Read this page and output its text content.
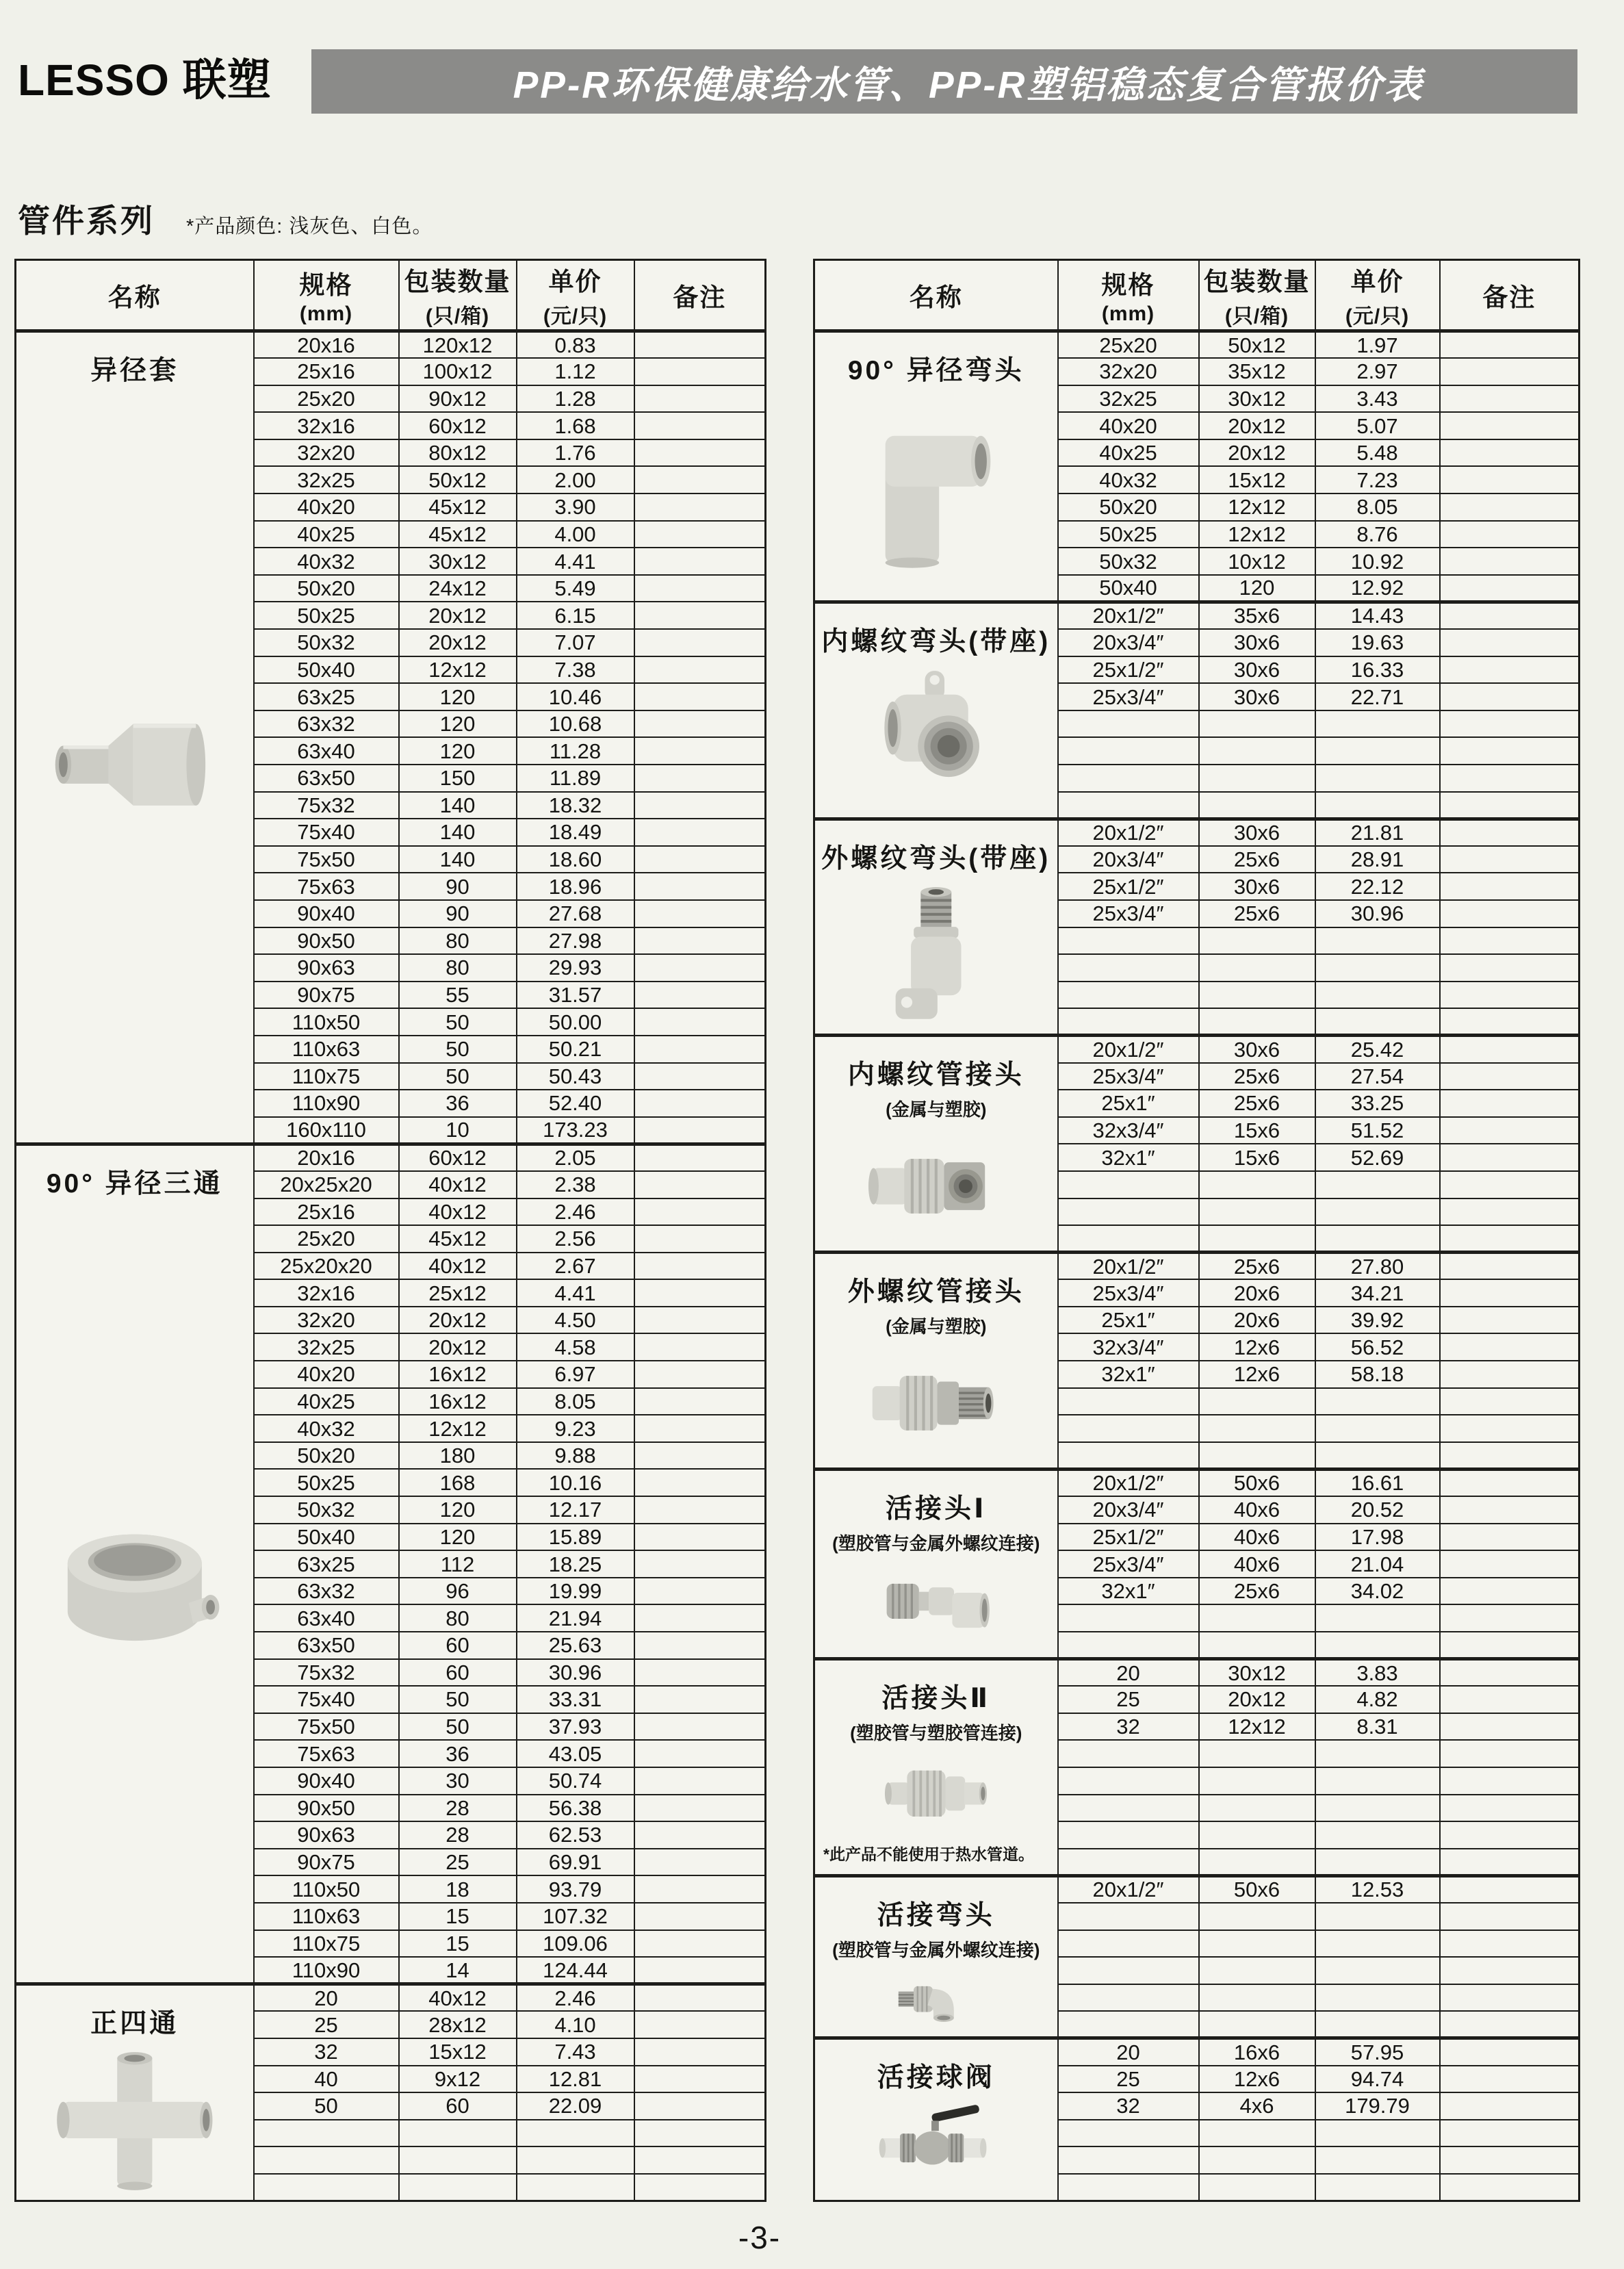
LESSO 联塑	PP-R环保健康给水管、PP-R塑铝稳态复合管报价表
管件系列 *产品颜色: 浅灰色、白色。
名称	规格
(mm)

包装数量
(只/箱)

单价
(元/只)

备注

异径套	20x16	120x12	0.83	
	25x16	100x12	1.12	
	25x20	90x12	1.28	
	32x16	60x12	1.68	
	32x20	80x12	1.76	
	32x25	50x12	2.00	
	40x20	45x12	3.90	
	40x25	45x12	4.00	
	40x32	30x12	4.41	
	50x20	24x12	5.49	
	50x25	20x12	6.15	
	50x32	20x12	7.07	
	50x40	12x12	7.38	
	63x25	120	10.46	
	63x32	120	10.68	
	63x40	120	11.28	
	63x50	150	11.89	
	75x32	140	18.32	
	75x40	140	18.49	
	75x50	140	18.60	
	75x63	90	18.96	
	90x40	90	27.68	
	90x50	80	27.98	
	90x63	80	29.93	
	90x75	55	31.57	
	110x50	50	50.00	
	110x63	50	50.21	
	110x75	50	50.43	
	110x90	36	52.40	
	160x110	10	173.23	

90° 异径三通	20x16	60x12	2.05	
	20x25x20	40x12	2.38	
	25x16	40x12	2.46	
	25x20	45x12	2.56	
	25x20x20	40x12	2.67	
	32x16	25x12	4.41	
	32x20	20x12	4.50	
	32x25	20x12	4.58	
	40x20	16x12	6.97	
	40x25	16x12	8.05	
	40x32	12x12	9.23	
	50x20	180	9.88	
	50x25	168	10.16	
	50x32	120	12.17	
	50x40	120	15.89	
	63x25	112	18.25	
	63x32	96	19.99	
	63x40	80	21.94	
	63x50	60	25.63	
	75x32	60	30.96	
	75x40	50	33.31	
	75x50	50	37.93	
	75x63	36	43.05	
	90x40	30	50.74	
	90x50	28	56.38	
	90x63	28	62.53	
	90x75	25	69.91	
	110x50	18	93.79	
	110x63	15	107.32	
	110x75	15	109.06	
	110x90	14	124.44	

正四通	20	40x12	2.46	
	25	28x12	4.10	
	32	15x12	7.43	
	40	9x12	12.81	
	50	60	22.09	

名称	规格
(mm)

包装数量
(只/箱)

单价
(元/只)

备注

90° 异径弯头	25x20	50x12	1.97	
	32x20	35x12	2.97	
	32x25	30x12	3.43	
	40x20	20x12	5.07	
	40x25	20x12	5.48	
	40x32	15x12	7.23	
	50x20	12x12	8.05	
	50x25	12x12	8.76	
	50x32	10x12	10.92	
	50x40	120	12.92	

内螺纹弯头(带座)	20x1/2″	35x6	14.43	
	20x3/4″	30x6	19.63	
	25x1/2″	30x6	16.33	
	25x3/4″	30x6	22.71	

外螺纹弯头(带座)	20x1/2″	30x6	21.81	
	20x3/4″	25x6	28.91	
	25x1/2″	30x6	22.12	
	25x3/4″	25x6	30.96	

内螺纹管接头
(金属与塑胶)	20x1/2″	30x6	25.42	
	25x3/4″	25x6	27.54	
	25x1″	25x6	33.25	
	32x3/4″	15x6	51.52	
	32x1″	15x6	52.69	

外螺纹管接头
(金属与塑胶)	20x1/2″	25x6	27.80	
	25x3/4″	20x6	34.21	
	25x1″	20x6	39.92	
	32x3/4″	12x6	56.52	
	32x1″	12x6	58.18	

活接头Ⅰ
(塑胶管与金属外螺纹连接)	20x1/2″	50x6	16.61	
	20x3/4″	40x6	20.52	
	25x1/2″	40x6	17.98	
	25x3/4″	40x6	21.04	
	32x1″	25x6	34.02	

活接头Ⅱ
(塑胶管与塑胶管连接)
*此产品不能使用于热水管道。	20	30x12	3.83	
	25	20x12	4.82	
	32	12x12	8.31	

活接弯头
(塑胶管与金属外螺纹连接)	20x1/2″	50x6	12.53	

活接球阀	20	16x6	57.95	
	25	12x6	94.74	
	32	4x6	179.79	

-3-
